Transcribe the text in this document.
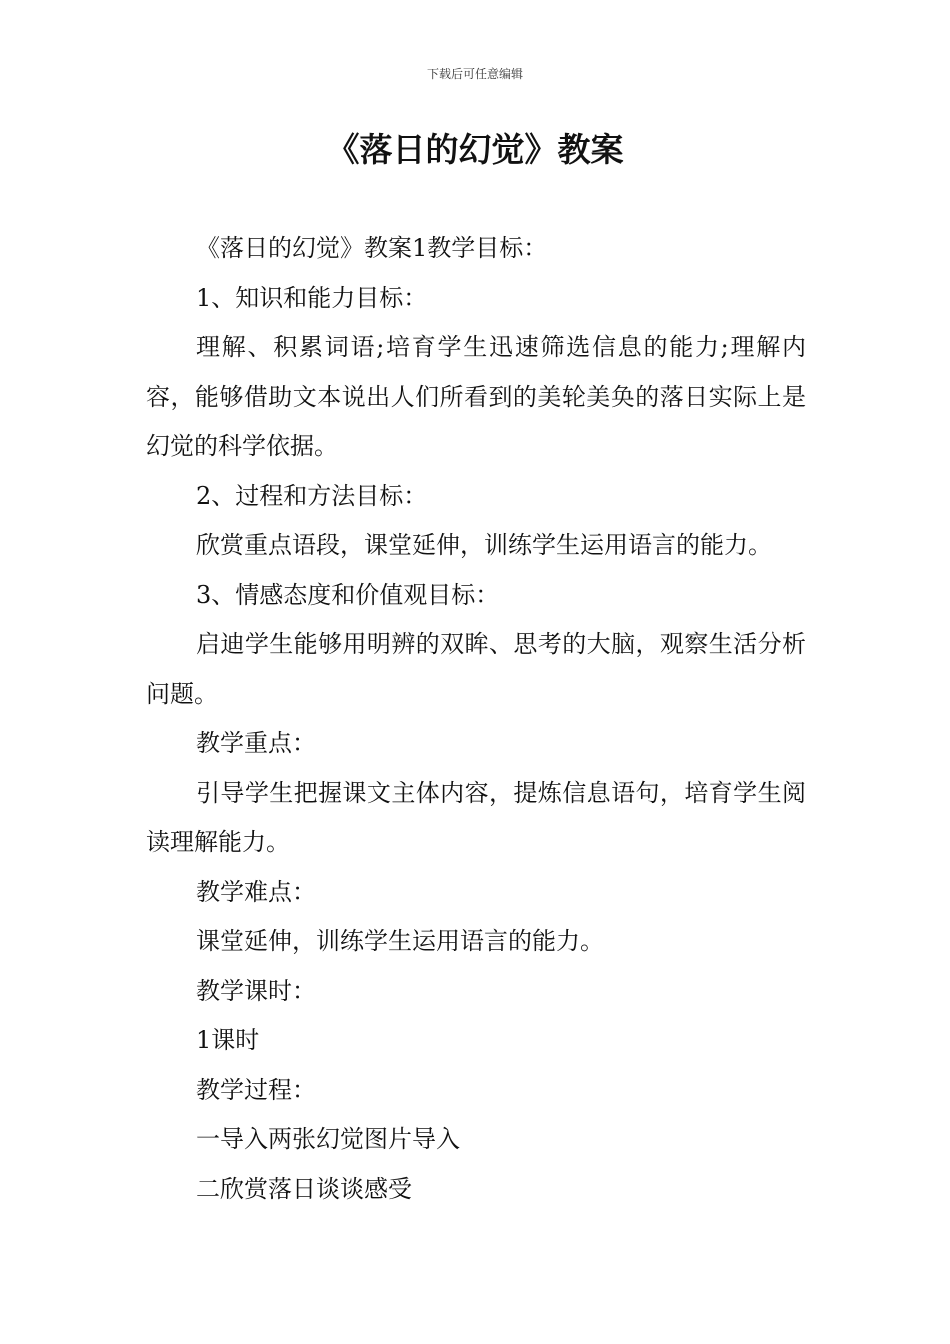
下载后可任意编辑
《落日的幻觉》教案

《落日的幻觉》教案1教学目标：

1、知识和能力目标：

理解、积累词语;培育学生迅速筛选信息的能力;理解内容，能够借助文本说出人们所看到的美轮美奂的落日实际上是幻觉的科学依据。

2、过程和方法目标：

欣赏重点语段，课堂延伸，训练学生运用语言的能力。

3、情感态度和价值观目标：

启迪学生能够用明辨的双眸、思考的大脑，观察生活分析问题。

教学重点：

引导学生把握课文主体内容，提炼信息语句，培育学生阅读理解能力。

教学难点：

课堂延伸，训练学生运用语言的能力。

教学课时：

1课时

教学过程：

一导入两张幻觉图片导入

二欣赏落日谈谈感受
